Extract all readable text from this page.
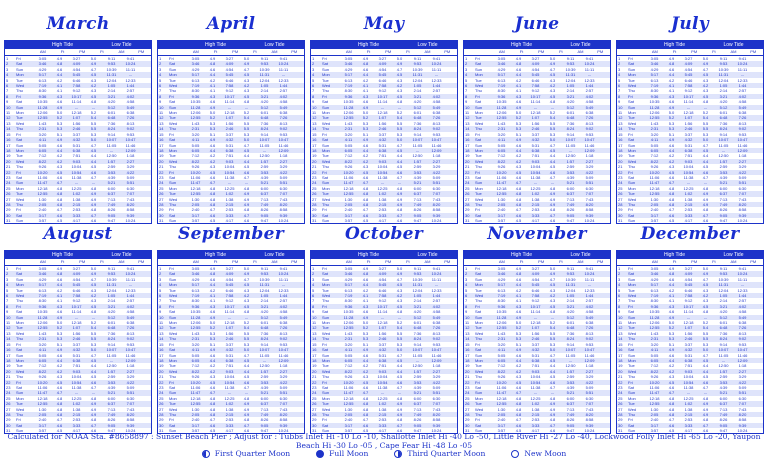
March
High Tide	Low Tide
AM	Ft	PM	Ft	AM	PM
1 Fri	3:05	4.9	3:27	5.0	9:11	9:41
2 Sat	3:46	4.8	4:09	4.9	9:53	10:24
3 Sun	4:29	4.6	4:54	4.7	10:39 11:11
4 Mon	5:17	4.4	5:45	4.5	11:31	--
5 Tue	6:13	4.2	6:46	4.3	12:04 12:33
6 Wed	7:19	4.1	7:58	4.2	1:05	1:44
7 Thu	8:30	4.1	9:12	4.3	2:14	2:57
8 Fri	9:36	4.3 10:17 4.5	3:21	4:02
9 Sat	10:35 4.6 11:14 4.8	4:20	4:58
10 Sun	11:28 4.9	--	--	5:12	5:49
11 Mon	12:06 5.0 12:18 5.2	6:01	6:38
12 Tue	12:55 5.2	1:07	5.4	6:48	7:26
13 Wed	1:43	5.3	1:56	5.5	7:36	8:13
14 Thu	2:31	5.3	2:46	5.5	8:24	9:02
15 Fri	3:20	5.1	3:37	5.3	9:14	9:53
16 Sat	4:11	4.9	4:32	5.0	10:07 10:47
17 Sun	5:05	4.6	5:31	4.7	11:05 11:46
18 Mon	6:05	4.4	6:38	4.5	--	12:09
19 Tue	7:12	4.2	7:51	4.4	12:50	1:18
20 Wed	8:22	4.2	9:03	4.4	1:57	2:27
21 Thu	9:26	4.3 10:04 4.5	2:59	3:29
22 Fri	10:20 4.5 10:54 4.6	3:53	4:22
23 Sat	11:06 4.6 11:38 4.7	4:39	5:09
24 Sun	11:47 4.7	--	--	5:21	5:51
25 Mon	12:18 4.8 12:25 4.8	6:00	6:30
26 Tue	12:55 4.8	1:02	4.9	6:37	7:07
27 Wed	1:30	4.8	1:38	4.9	7:13	7:43
28 Thu	2:05	4.8	2:15	4.9	7:49	8:20
29 Fri	2:40	4.7	2:53	4.8	8:26	8:58
30 Sat	3:17	4.6	3:33	4.7	9:05	9:39
31 Sun	3:57	4.5	4:17	4.6	9:47	10:24
April
High Tide	Low Tide
AM	Ft	PM	Ft	AM	PM
1 Fri	3:05	4.9	3:27	5.0	9:11	9:41
2 Sat	3:46	4.8	4:09	4.9	9:53	10:24
3 Sun	4:29	4.6	4:54	4.7	10:39 11:11
4 Mon	5:17	4.4	5:45	4.5	11:31	--
5 Tue	6:13	4.2	6:46	4.3	12:04 12:33
6 Wed	7:19	4.1	7:58	4.2	1:05	1:44
7 Thu	8:30	4.1	9:12	4.3	2:14	2:57
8 Fri	9:36	4.3 10:17 4.5	3:21	4:02
9 Sat	10:35 4.6 11:14 4.8	4:20	4:58
10 Sun	11:28 4.9	--	--	5:12	5:49
11 Mon	12:06 5.0 12:18 5.2	6:01	6:38
12 Tue	12:55 5.2	1:07	5.4	6:48	7:26
13 Wed	1:43	5.3	1:56	5.5	7:36	8:13
14 Thu	2:31	5.3	2:46	5.5	8:24	9:02
15 Fri	3:20	5.1	3:37	5.3	9:14	9:53
16 Sat	4:11	4.9	4:32	5.0	10:07 10:47
17 Sun	5:05	4.6	5:31	4.7	11:05 11:46
18 Mon	6:05	4.4	6:38	4.5	--	12:09
19 Tue	7:12	4.2	7:51	4.4	12:50	1:18
20 Wed	8:22	4.2	9:03	4.4	1:57	2:27
21 Thu	9:26	4.3 10:04 4.5	2:59	3:29
22 Fri	10:20 4.5 10:54 4.6	3:53	4:22
23 Sat	11:06 4.6 11:38 4.7	4:39	5:09
24 Sun	11:47 4.7	--	--	5:21	5:51
25 Mon	12:18 4.8 12:25 4.8	6:00	6:30
26 Tue	12:55 4.8	1:02	4.9	6:37	7:07
27 Wed	1:30	4.8	1:38	4.9	7:13	7:43
28 Thu	2:05	4.8	2:15	4.9	7:49	8:20
29 Fri	2:40	4.7	2:53	4.8	8:26	8:58
30 Sat	3:17	4.6	3:33	4.7	9:05	9:39
31 Sun	3:57	4.5	4:17	4.6	9:47	10:24
May
High Tide	Low Tide
AM	Ft	PM	Ft	AM	PM
1 Fri	3:05	4.9	3:27	5.0	9:11	9:41
2 Sat	3:46	4.8	4:09	4.9	9:53	10:24
3 Sun	4:29	4.6	4:54	4.7	10:39 11:11
4 Mon	5:17	4.4	5:45	4.5	11:31	--
5 Tue	6:13	4.2	6:46	4.3	12:04 12:33
6 Wed	7:19	4.1	7:58	4.2	1:05	1:44
7 Thu	8:30	4.1	9:12	4.3	2:14	2:57
8 Fri	9:36	4.3 10:17 4.5	3:21	4:02
9 Sat	10:35 4.6 11:14 4.8	4:20	4:58
10 Sun	11:28 4.9	--	--	5:12	5:49
11 Mon	12:06 5.0 12:18 5.2	6:01	6:38
12 Tue	12:55 5.2	1:07	5.4	6:48	7:26
13 Wed	1:43	5.3	1:56	5.5	7:36	8:13
14 Thu	2:31	5.3	2:46	5.5	8:24	9:02
15 Fri	3:20	5.1	3:37	5.3	9:14	9:53
16 Sat	4:11	4.9	4:32	5.0	10:07 10:47
17 Sun	5:05	4.6	5:31	4.7	11:05 11:46
18 Mon	6:05	4.4	6:38	4.5	--	12:09
19 Tue	7:12	4.2	7:51	4.4	12:50	1:18
20 Wed	8:22	4.2	9:03	4.4	1:57	2:27
21 Thu	9:26	4.3 10:04 4.5	2:59	3:29
22 Fri	10:20 4.5 10:54 4.6	3:53	4:22
23 Sat	11:06 4.6 11:38 4.7	4:39	5:09
24 Sun	11:47 4.7	--	--	5:21	5:51
25 Mon	12:18 4.8 12:25 4.8	6:00	6:30
26 Tue	12:55 4.8	1:02	4.9	6:37	7:07
27 Wed	1:30	4.8	1:38	4.9	7:13	7:43
28 Thu	2:05	4.8	2:15	4.9	7:49	8:20
29 Fri	2:40	4.7	2:53	4.8	8:26	8:58
30 Sat	3:17	4.6	3:33	4.7	9:05	9:39
31 Sun	3:57	4.5	4:17	4.6	9:47	10:24
June
High Tide	Low Tide
AM	Ft	PM	Ft	AM	PM
1 Fri	3:05	4.9	3:27	5.0	9:11	9:41
2 Sat	3:46	4.8	4:09	4.9	9:53	10:24
3 Sun	4:29	4.6	4:54	4.7	10:39 11:11
4 Mon	5:17	4.4	5:45	4.5	11:31	--
5 Tue	6:13	4.2	6:46	4.3	12:04 12:33
6 Wed	7:19	4.1	7:58	4.2	1:05	1:44
7 Thu	8:30	4.1	9:12	4.3	2:14	2:57
8 Fri	9:36	4.3 10:17 4.5	3:21	4:02
9 Sat	10:35 4.6 11:14 4.8	4:20	4:58
10 Sun	11:28 4.9	--	--	5:12	5:49
11 Mon	12:06 5.0 12:18 5.2	6:01	6:38
12 Tue	12:55 5.2	1:07	5.4	6:48	7:26
13 Wed	1:43	5.3	1:56	5.5	7:36	8:13
14 Thu	2:31	5.3	2:46	5.5	8:24	9:02
15 Fri	3:20	5.1	3:37	5.3	9:14	9:53
16 Sat	4:11	4.9	4:32	5.0	10:07 10:47
17 Sun	5:05	4.6	5:31	4.7	11:05 11:46
18 Mon	6:05	4.4	6:38	4.5	--	12:09
19 Tue	7:12	4.2	7:51	4.4	12:50	1:18
20 Wed	8:22	4.2	9:03	4.4	1:57	2:27
21 Thu	9:26	4.3 10:04 4.5	2:59	3:29
22 Fri	10:20 4.5 10:54 4.6	3:53	4:22
23 Sat	11:06 4.6 11:38 4.7	4:39	5:09
24 Sun	11:47 4.7	--	--	5:21	5:51
25 Mon	12:18 4.8 12:25 4.8	6:00	6:30
26 Tue	12:55 4.8	1:02	4.9	6:37	7:07
27 Wed	1:30	4.8	1:38	4.9	7:13	7:43
28 Thu	2:05	4.8	2:15	4.9	7:49	8:20
29 Fri	2:40	4.7	2:53	4.8	8:26	8:58
30 Sat	3:17	4.6	3:33	4.7	9:05	9:39
31 Sun	3:57	4.5	4:17	4.6	9:47	10:24
July
High Tide	Low Tide
AM	Ft	PM	Ft	AM	PM
1 Fri	3:05	4.9	3:27	5.0	9:11	9:41
2 Sat	3:46	4.8	4:09	4.9	9:53	10:24
3 Sun	4:29	4.6	4:54	4.7	10:39 11:11
4 Mon	5:17	4.4	5:45	4.5	11:31	--
5 Tue	6:13	4.2	6:46	4.3	12:04 12:33
6 Wed	7:19	4.1	7:58	4.2	1:05	1:44
7 Thu	8:30	4.1	9:12	4.3	2:14	2:57
8 Fri	9:36	4.3 10:17 4.5	3:21	4:02
9 Sat	10:35 4.6 11:14 4.8	4:20	4:58
10 Sun	11:28 4.9	--	--	5:12	5:49
11 Mon	12:06 5.0 12:18 5.2	6:01	6:38
12 Tue	12:55 5.2	1:07	5.4	6:48	7:26
13 Wed	1:43	5.3	1:56	5.5	7:36	8:13
14 Thu	2:31	5.3	2:46	5.5	8:24	9:02
15 Fri	3:20	5.1	3:37	5.3	9:14	9:53
16 Sat	4:11	4.9	4:32	5.0	10:07 10:47
17 Sun	5:05	4.6	5:31	4.7	11:05 11:46
18 Mon	6:05	4.4	6:38	4.5	--	12:09
19 Tue	7:12	4.2	7:51	4.4	12:50	1:18
20 Wed	8:22	4.2	9:03	4.4	1:57	2:27
21 Thu	9:26	4.3 10:04 4.5	2:59	3:29
22 Fri	10:20 4.5 10:54 4.6	3:53	4:22
23 Sat	11:06 4.6 11:38 4.7	4:39	5:09
24 Sun	11:47 4.7	--	--	5:21	5:51
25 Mon	12:18 4.8 12:25 4.8	6:00	6:30
26 Tue	12:55 4.8	1:02	4.9	6:37	7:07
27 Wed	1:30	4.8	1:38	4.9	7:13	7:43
28 Thu	2:05	4.8	2:15	4.9	7:49	8:20
29 Fri	2:40	4.7	2:53	4.8	8:26	8:58
30 Sat	3:17	4.6	3:33	4.7	9:05	9:39
31 Sun	3:57	4.5	4:17	4.6	9:47	10:24
August
High Tide	Low Tide
AM	Ft	PM	Ft	AM	PM
1 Fri	3:05	4.9	3:27	5.0	9:11	9:41
2 Sat	3:46	4.8	4:09	4.9	9:53	10:24
3 Sun	4:29	4.6	4:54	4.7	10:39 11:11
4 Mon	5:17	4.4	5:45	4.5	11:31	--
5 Tue	6:13	4.2	6:46	4.3	12:04 12:33
6 Wed	7:19	4.1	7:58	4.2	1:05	1:44
7 Thu	8:30	4.1	9:12	4.3	2:14	2:57
8 Fri	9:36	4.3 10:17 4.5	3:21	4:02
9 Sat	10:35 4.6 11:14 4.8	4:20	4:58
10 Sun	11:28 4.9	--	--	5:12	5:49
11 Mon	12:06 5.0 12:18 5.2	6:01	6:38
12 Tue	12:55 5.2	1:07	5.4	6:48	7:26
13 Wed	1:43	5.3	1:56	5.5	7:36	8:13
14 Thu	2:31	5.3	2:46	5.5	8:24	9:02
15 Fri	3:20	5.1	3:37	5.3	9:14	9:53
16 Sat	4:11	4.9	4:32	5.0	10:07 10:47
17 Sun	5:05	4.6	5:31	4.7	11:05 11:46
18 Mon	6:05	4.4	6:38	4.5	--	12:09
19 Tue	7:12	4.2	7:51	4.4	12:50	1:18
20 Wed	8:22	4.2	9:03	4.4	1:57	2:27
21 Thu	9:26	4.3 10:04 4.5	2:59	3:29
22 Fri	10:20 4.5 10:54 4.6	3:53	4:22
23 Sat	11:06 4.6 11:38 4.7	4:39	5:09
24 Sun	11:47 4.7	--	--	5:21	5:51
25 Mon	12:18 4.8 12:25 4.8	6:00	6:30
26 Tue	12:55 4.8	1:02	4.9	6:37	7:07
27 Wed	1:30	4.8	1:38	4.9	7:13	7:43
28 Thu	2:05	4.8	2:15	4.9	7:49	8:20
29 Fri	2:40	4.7	2:53	4.8	8:26	8:58
30 Sat	3:17	4.6	3:33	4.7	9:05	9:39
31 Sun	3:57	4.5	4:17	4.6	9:47	10:24
September
High Tide	Low Tide
AM	Ft	PM	Ft	AM	PM
1 Fri	3:05	4.9	3:27	5.0	9:11	9:41
2 Sat	3:46	4.8	4:09	4.9	9:53	10:24
3 Sun	4:29	4.6	4:54	4.7	10:39 11:11
4 Mon	5:17	4.4	5:45	4.5	11:31	--
5 Tue	6:13	4.2	6:46	4.3	12:04 12:33
6 Wed	7:19	4.1	7:58	4.2	1:05	1:44
7 Thu	8:30	4.1	9:12	4.3	2:14	2:57
8 Fri	9:36	4.3 10:17 4.5	3:21	4:02
9 Sat	10:35 4.6 11:14 4.8	4:20	4:58
10 Sun	11:28 4.9	--	--	5:12	5:49
11 Mon	12:06 5.0 12:18 5.2	6:01	6:38
12 Tue	12:55 5.2	1:07	5.4	6:48	7:26
13 Wed	1:43	5.3	1:56	5.5	7:36	8:13
14 Thu	2:31	5.3	2:46	5.5	8:24	9:02
15 Fri	3:20	5.1	3:37	5.3	9:14	9:53
16 Sat	4:11	4.9	4:32	5.0	10:07 10:47
17 Sun	5:05	4.6	5:31	4.7	11:05 11:46
18 Mon	6:05	4.4	6:38	4.5	--	12:09
19 Tue	7:12	4.2	7:51	4.4	12:50	1:18
20 Wed	8:22	4.2	9:03	4.4	1:57	2:27
21 Thu	9:26	4.3 10:04 4.5	2:59	3:29
22 Fri	10:20 4.5 10:54 4.6	3:53	4:22
23 Sat	11:06 4.6 11:38 4.7	4:39	5:09
24 Sun	11:47 4.7	--	--	5:21	5:51
25 Mon	12:18 4.8 12:25 4.8	6:00	6:30
26 Tue	12:55 4.8	1:02	4.9	6:37	7:07
27 Wed	1:30	4.8	1:38	4.9	7:13	7:43
28 Thu	2:05	4.8	2:15	4.9	7:49	8:20
29 Fri	2:40	4.7	2:53	4.8	8:26	8:58
30 Sat	3:17	4.6	3:33	4.7	9:05	9:39
31 Sun	3:57	4.5	4:17	4.6	9:47	10:24
October
High Tide	Low Tide
AM	Ft	PM	Ft	AM	PM
1 Fri	3:05	4.9	3:27	5.0	9:11	9:41
2 Sat	3:46	4.8	4:09	4.9	9:53	10:24
3 Sun	4:29	4.6	4:54	4.7	10:39 11:11
4 Mon	5:17	4.4	5:45	4.5	11:31	--
5 Tue	6:13	4.2	6:46	4.3	12:04 12:33
6 Wed	7:19	4.1	7:58	4.2	1:05	1:44
7 Thu	8:30	4.1	9:12	4.3	2:14	2:57
8 Fri	9:36	4.3 10:17 4.5	3:21	4:02
9 Sat	10:35 4.6 11:14 4.8	4:20	4:58
10 Sun	11:28 4.9	--	--	5:12	5:49
11 Mon	12:06 5.0 12:18 5.2	6:01	6:38
12 Tue	12:55 5.2	1:07	5.4	6:48	7:26
13 Wed	1:43	5.3	1:56	5.5	7:36	8:13
14 Thu	2:31	5.3	2:46	5.5	8:24	9:02
15 Fri	3:20	5.1	3:37	5.3	9:14	9:53
16 Sat	4:11	4.9	4:32	5.0	10:07 10:47
17 Sun	5:05	4.6	5:31	4.7	11:05 11:46
18 Mon	6:05	4.4	6:38	4.5	--	12:09
19 Tue	7:12	4.2	7:51	4.4	12:50	1:18
20 Wed	8:22	4.2	9:03	4.4	1:57	2:27
21 Thu	9:26	4.3 10:04 4.5	2:59	3:29
22 Fri	10:20 4.5 10:54 4.6	3:53	4:22
23 Sat	11:06 4.6 11:38 4.7	4:39	5:09
24 Sun	11:47 4.7	--	--	5:21	5:51
25 Mon	12:18 4.8 12:25 4.8	6:00	6:30
26 Tue	12:55 4.8	1:02	4.9	6:37	7:07
27 Wed	1:30	4.8	1:38	4.9	7:13	7:43
28 Thu	2:05	4.8	2:15	4.9	7:49	8:20
29 Fri	2:40	4.7	2:53	4.8	8:26	8:58
30 Sat	3:17	4.6	3:33	4.7	9:05	9:39
31 Sun	3:57	4.5	4:17	4.6	9:47	10:24
November
High Tide	Low Tide
AM	Ft	PM	Ft	AM	PM
1 Fri	3:05	4.9	3:27	5.0	9:11	9:41
2 Sat	3:46	4.8	4:09	4.9	9:53	10:24
3 Sun	4:29	4.6	4:54	4.7	10:39 11:11
4 Mon	5:17	4.4	5:45	4.5	11:31	--
5 Tue	6:13	4.2	6:46	4.3	12:04 12:33
6 Wed	7:19	4.1	7:58	4.2	1:05	1:44
7 Thu	8:30	4.1	9:12	4.3	2:14	2:57
8 Fri	9:36	4.3 10:17 4.5	3:21	4:02
9 Sat	10:35 4.6 11:14 4.8	4:20	4:58
10 Sun	11:28 4.9	--	--	5:12	5:49
11 Mon	12:06 5.0 12:18 5.2	6:01	6:38
12 Tue	12:55 5.2	1:07	5.4	6:48	7:26
13 Wed	1:43	5.3	1:56	5.5	7:36	8:13
14 Thu	2:31	5.3	2:46	5.5	8:24	9:02
15 Fri	3:20	5.1	3:37	5.3	9:14	9:53
16 Sat	4:11	4.9	4:32	5.0	10:07 10:47
17 Sun	5:05	4.6	5:31	4.7	11:05 11:46
18 Mon	6:05	4.4	6:38	4.5	--	12:09
19 Tue	7:12	4.2	7:51	4.4	12:50	1:18
20 Wed	8:22	4.2	9:03	4.4	1:57	2:27
21 Thu	9:26	4.3 10:04 4.5	2:59	3:29
22 Fri	10:20 4.5 10:54 4.6	3:53	4:22
23 Sat	11:06 4.6 11:38 4.7	4:39	5:09
24 Sun	11:47 4.7	--	--	5:21	5:51
25 Mon	12:18 4.8 12:25 4.8	6:00	6:30
26 Tue	12:55 4.8	1:02	4.9	6:37	7:07
27 Wed	1:30	4.8	1:38	4.9	7:13	7:43
28 Thu	2:05	4.8	2:15	4.9	7:49	8:20
29 Fri	2:40	4.7	2:53	4.8	8:26	8:58
30 Sat	3:17	4.6	3:33	4.7	9:05	9:39
31 Sun	3:57	4.5	4:17	4.6	9:47	10:24
December
High Tide	Low Tide
AM	Ft	PM	Ft	AM	PM
1 Fri	3:05	4.9	3:27	5.0	9:11	9:41
2 Sat	3:46	4.8	4:09	4.9	9:53	10:24
3 Sun	4:29	4.6	4:54	4.7	10:39 11:11
4 Mon	5:17	4.4	5:45	4.5	11:31	--
5 Tue	6:13	4.2	6:46	4.3	12:04 12:33
6 Wed	7:19	4.1	7:58	4.2	1:05	1:44
7 Thu	8:30	4.1	9:12	4.3	2:14	2:57
8 Fri	9:36	4.3 10:17 4.5	3:21	4:02
9 Sat	10:35 4.6 11:14 4.8	4:20	4:58
10 Sun	11:28 4.9	--	--	5:12	5:49
11 Mon	12:06 5.0 12:18 5.2	6:01	6:38
12 Tue	12:55 5.2	1:07	5.4	6:48	7:26
13 Wed	1:43	5.3	1:56	5.5	7:36	8:13
14 Thu	2:31	5.3	2:46	5.5	8:24	9:02
15 Fri	3:20	5.1	3:37	5.3	9:14	9:53
16 Sat	4:11	4.9	4:32	5.0	10:07 10:47
17 Sun	5:05	4.6	5:31	4.7	11:05 11:46
18 Mon	6:05	4.4	6:38	4.5	--	12:09
19 Tue	7:12	4.2	7:51	4.4	12:50	1:18
20 Wed	8:22	4.2	9:03	4.4	1:57	2:27
21 Thu	9:26	4.3 10:04 4.5	2:59	3:29
22 Fri	10:20 4.5 10:54 4.6	3:53	4:22
23 Sat	11:06 4.6 11:38 4.7	4:39	5:09
24 Sun	11:47 4.7	--	--	5:21	5:51
25 Mon	12:18 4.8 12:25 4.8	6:00	6:30
26 Tue	12:55 4.8	1:02	4.9	6:37	7:07
27 Wed	1:30	4.8	1:38	4.9	7:13	7:43
28 Thu	2:05	4.8	2:15	4.9	7:49	8:20
29 Fri	2:40	4.7	2:53	4.8	8:26	8:58
30 Sat	3:17	4.6	3:33	4.7	9:05	9:39
31 Sun	3:57	4.5	4:17	4.6	9:47	10:24
Calculated for NOAA Sta. #8658897 : Sunset Beach Pier ; Adjust for : Tubbs Inlet Hi -10 Lo -10, Shallotte Inlet Hi -40 Lo -50, Little River Hi -27 Lo -40, Lockwood Folly Inlet Hi -65 Lo -20, Yaupon Beach Hi -30 Lo -05 , Cape Fear Hi -48 Lo -05
First Quarter Moon	Full Moon	Third Quarter Moon	New Moon
